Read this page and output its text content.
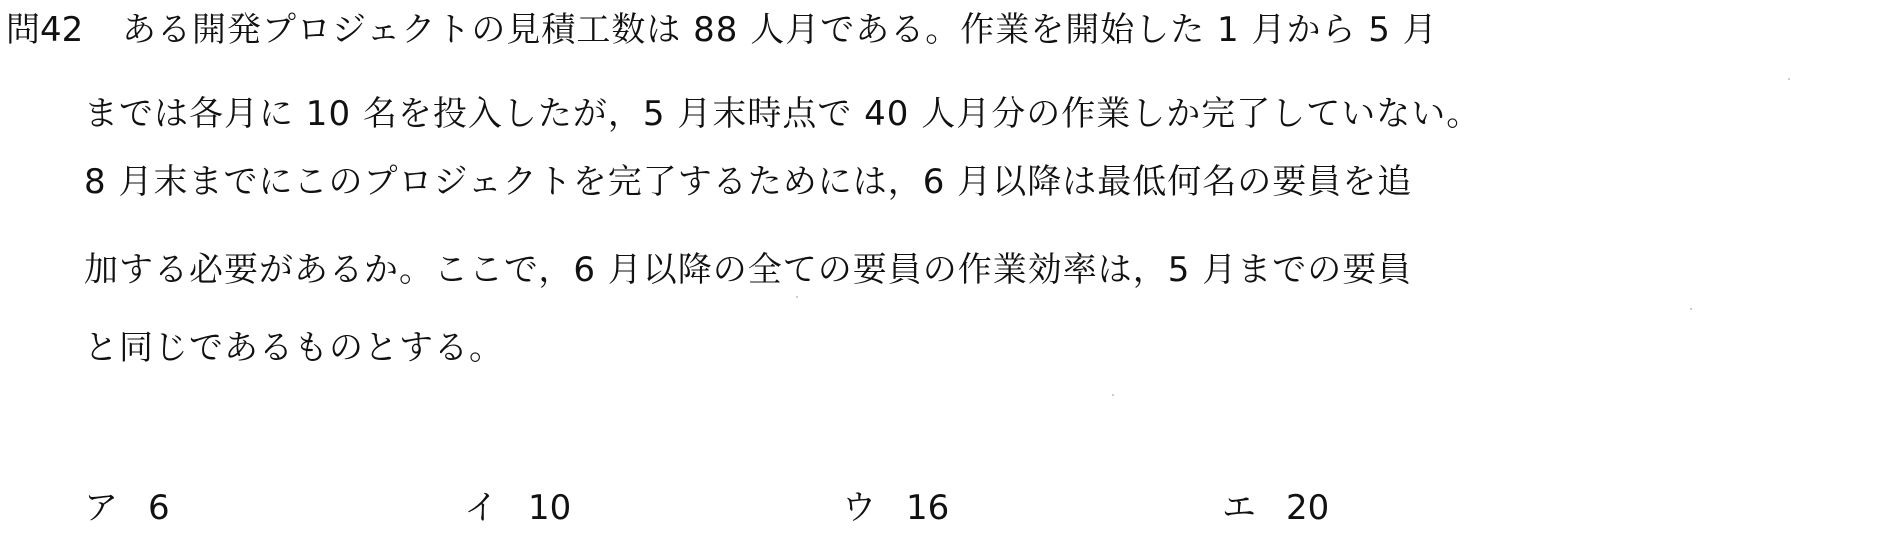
問42 ある開発プロジェクトの見積工数は 88 人月である。作業を開始した 1 月から 5 月
までは各月に 10 名を投入したが，5 月末時点で 40 人月分の作業しか完了していない。
8 月末までにこのプロジェクトを完了するためには，6 月以降は最低何名の要員を追
加する必要があるか。ここで，6 月以降の全ての要員の作業効率は，5 月までの要員
と同じであるものとする。
ア 6	イ 10	ウ 16	エ 20
